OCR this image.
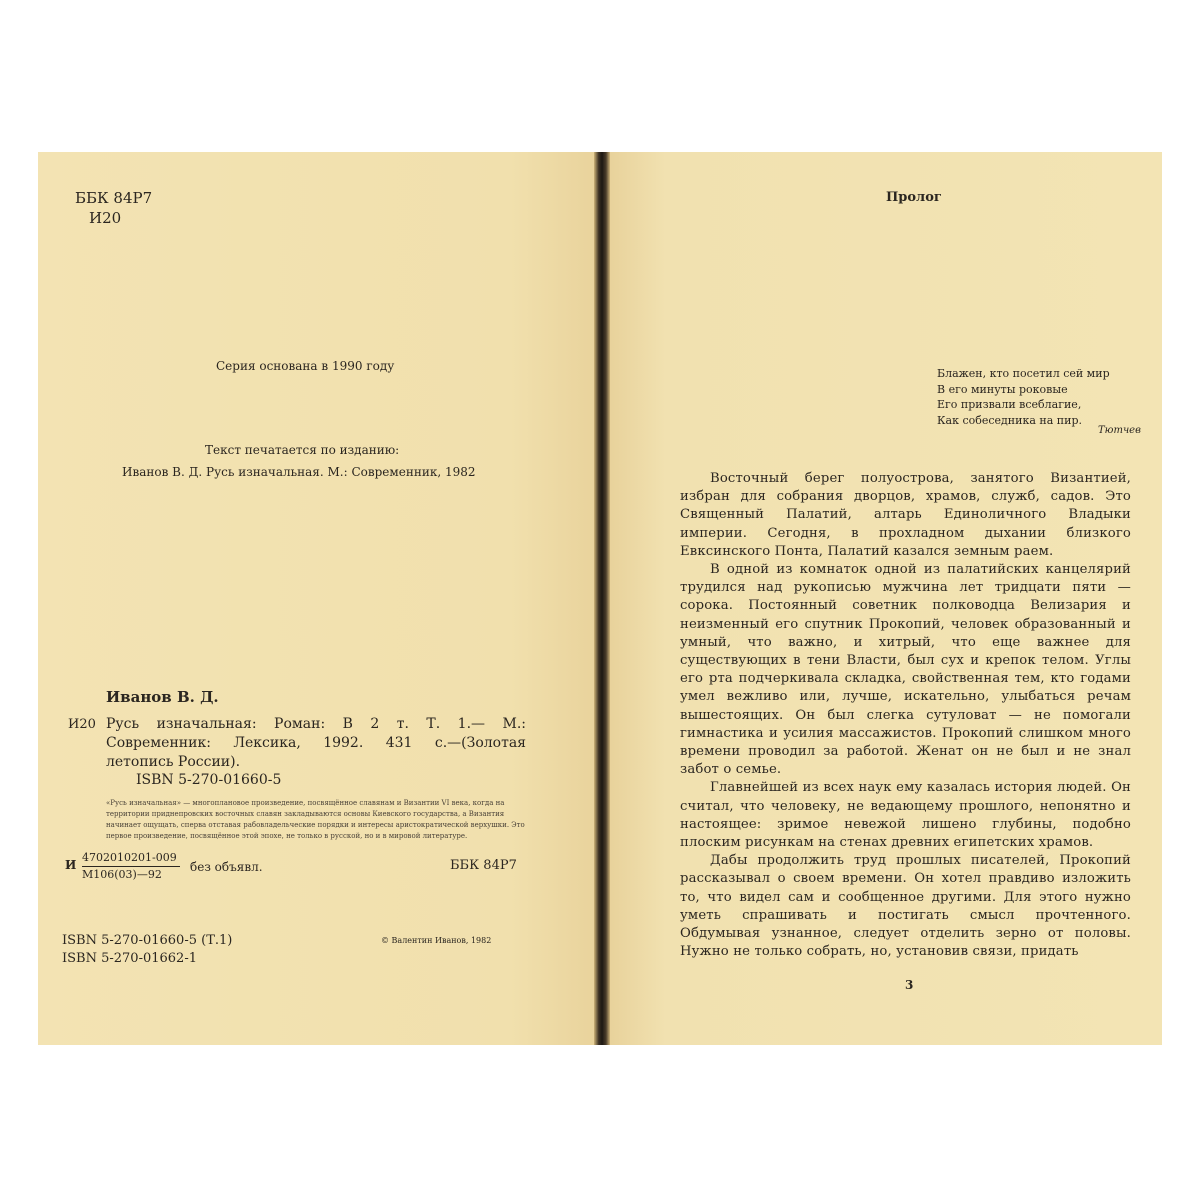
ББК 84Р7
И20
Серия основана в 1990 году
Текст печатается по изданию:
Иванов В. Д. Русь изначальная. М.: Современник, 1982
Иванов В. Д.
И20 Русь изначальная: Роман: В 2 т. Т. 1.— М.: Современник: Лексика, 1992. 431 с.—(Золотая летопись России).
ISBN 5-270-01660-5
«Русь изначальная» — многоплановое произведение, посвящённое славянам и Византии VI века, когда на территории приднепровских восточных славян закладываются основы Киевского государства, а Византия начинает ощущать, сперва отставая рабовладельческие порядки и интересы аристократической верхушки. Это первое произведение, посвящённое этой эпохе, не только в русской, но и в мировой литературе.
И
4702010201-009
М106(03)—92
без объявл.	ББК 84Р7
ISBN 5-270-01660-5 (Т.1)
ISBN 5-270-01662-1
© Валентин Иванов, 1982
Пролог
Блажен, кто посетил сей мир
В его минуты роковые
Его призвали всеблагие,
Как собеседника на пир.
Тютчев

Восточный берег полуострова, занятого Византией, избран для собрания дворцов, храмов, служб, садов. Это Священный Палатий, алтарь Единоличного Владыки империи. Сегодня, в прохладном дыхании близкого Евксинского Понта, Палатий казался земным раем.

В одной из комнаток одной из палатийских канцелярий трудился над рукописью мужчина лет тридцати пяти — сорока. Постоянный советник полководца Велизария и неизменный его спутник Прокопий, человек образованный и умный, что важно, и хитрый, что еще важнее для существующих в тени Власти, был сух и крепок телом. Углы его рта подчеркивала складка, свойственная тем, кто годами умел вежливо или, лучше, искательно, улыбаться речам вышестоящих. Он был слегка сутуловат — не помогали гимнастика и усилия массажистов. Прокопий слишком много времени проводил за работой. Женат он не был и не знал забот о семье.

Главнейшей из всех наук ему казалась история людей. Он считал, что человеку, не ведающему прошлого, непонятно и настоящее: зримое невежой лишено глубины, подобно плоским рисункам на стенах древних египетских храмов.

Дабы продолжить труд прошлых писателей, Прокопий рассказывал о своем времени. Он хотел правдиво изложить то, что видел сам и сообщенное другими. Для этого нужно уметь спрашивать и постигать смысл прочтенного. Обдумывая узнанное, следует отделить зерно от половы. Нужно не только собрать, но, установив связи, придать

3
